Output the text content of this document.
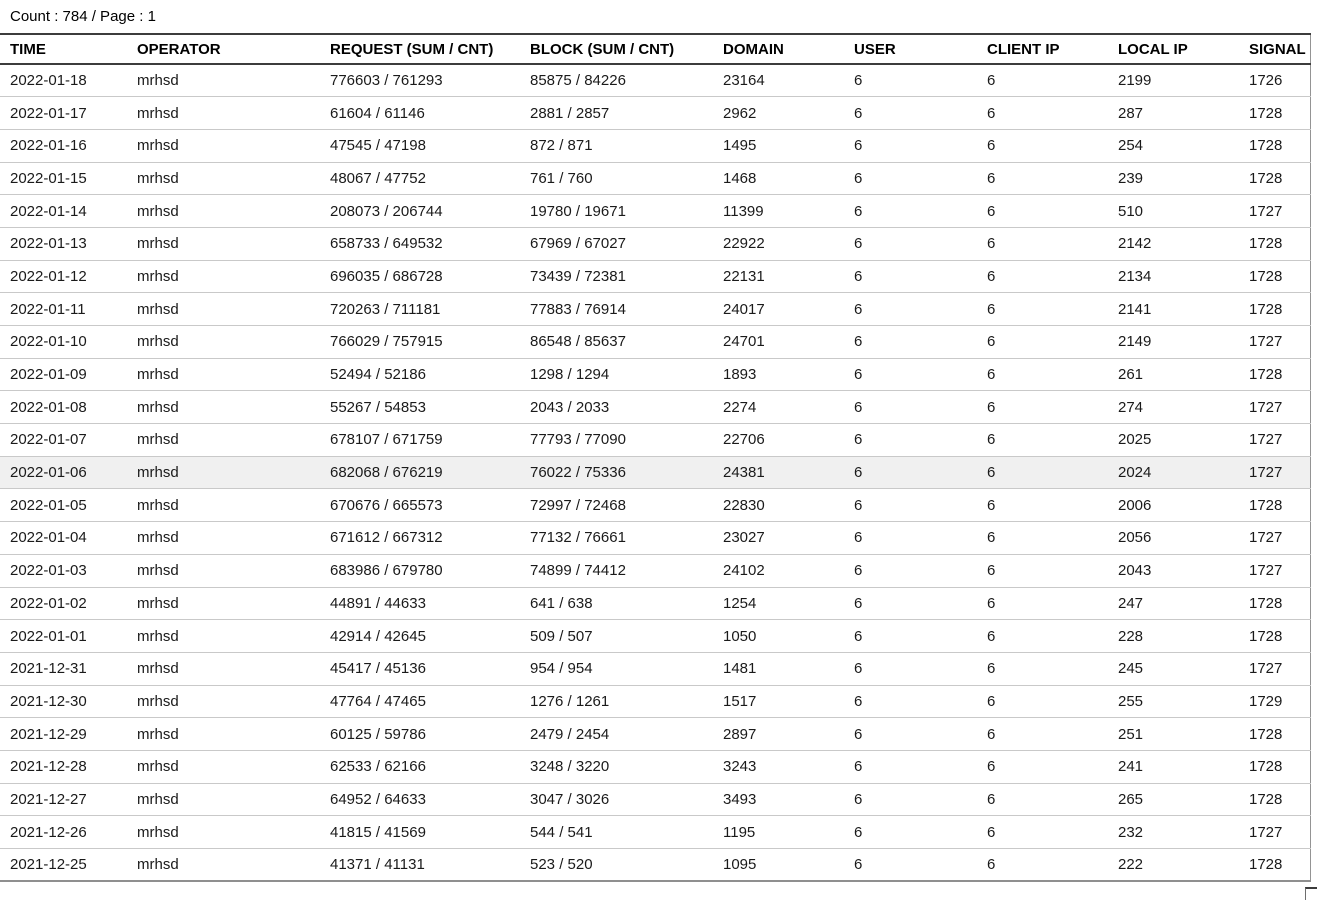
Count : 784 / Page : 1
TIME	OPERATOR	REQUEST (SUM / CNT)	BLOCK (SUM / CNT)	DOMAIN	USER	CLIENT IP	LOCAL IP	SIGNAL
2022-01-18	mrhsd	776603 / 761293	85875 / 84226	23164	6	6	2199	1726
2022-01-17	mrhsd	61604 / 61146	2881 / 2857	2962	6	6	287	1728
2022-01-16	mrhsd	47545 / 47198	872 / 871	1495	6	6	254	1728
2022-01-15	mrhsd	48067 / 47752	761 / 760	1468	6	6	239	1728
2022-01-14	mrhsd	208073 / 206744	19780 / 19671	11399	6	6	510	1727
2022-01-13	mrhsd	658733 / 649532	67969 / 67027	22922	6	6	2142	1728
2022-01-12	mrhsd	696035 / 686728	73439 / 72381	22131	6	6	2134	1728
2022-01-11	mrhsd	720263 / 711181	77883 / 76914	24017	6	6	2141	1728
2022-01-10	mrhsd	766029 / 757915	86548 / 85637	24701	6	6	2149	1727
2022-01-09	mrhsd	52494 / 52186	1298 / 1294	1893	6	6	261	1728
2022-01-08	mrhsd	55267 / 54853	2043 / 2033	2274	6	6	274	1727
2022-01-07	mrhsd	678107 / 671759	77793 / 77090	22706	6	6	2025	1727
2022-01-06	mrhsd	682068 / 676219	76022 / 75336	24381	6	6	2024	1727
2022-01-05	mrhsd	670676 / 665573	72997 / 72468	22830	6	6	2006	1728
2022-01-04	mrhsd	671612 / 667312	77132 / 76661	23027	6	6	2056	1727
2022-01-03	mrhsd	683986 / 679780	74899 / 74412	24102	6	6	2043	1727
2022-01-02	mrhsd	44891 / 44633	641 / 638	1254	6	6	247	1728
2022-01-01	mrhsd	42914 / 42645	509 / 507	1050	6	6	228	1728
2021-12-31	mrhsd	45417 / 45136	954 / 954	1481	6	6	245	1727
2021-12-30	mrhsd	47764 / 47465	1276 / 1261	1517	6	6	255	1729
2021-12-29	mrhsd	60125 / 59786	2479 / 2454	2897	6	6	251	1728
2021-12-28	mrhsd	62533 / 62166	3248 / 3220	3243	6	6	241	1728
2021-12-27	mrhsd	64952 / 64633	3047 / 3026	3493	6	6	265	1728
2021-12-26	mrhsd	41815 / 41569	544 / 541	1195	6	6	232	1727
2021-12-25	mrhsd	41371 / 41131	523 / 520	1095	6	6	222	1728
